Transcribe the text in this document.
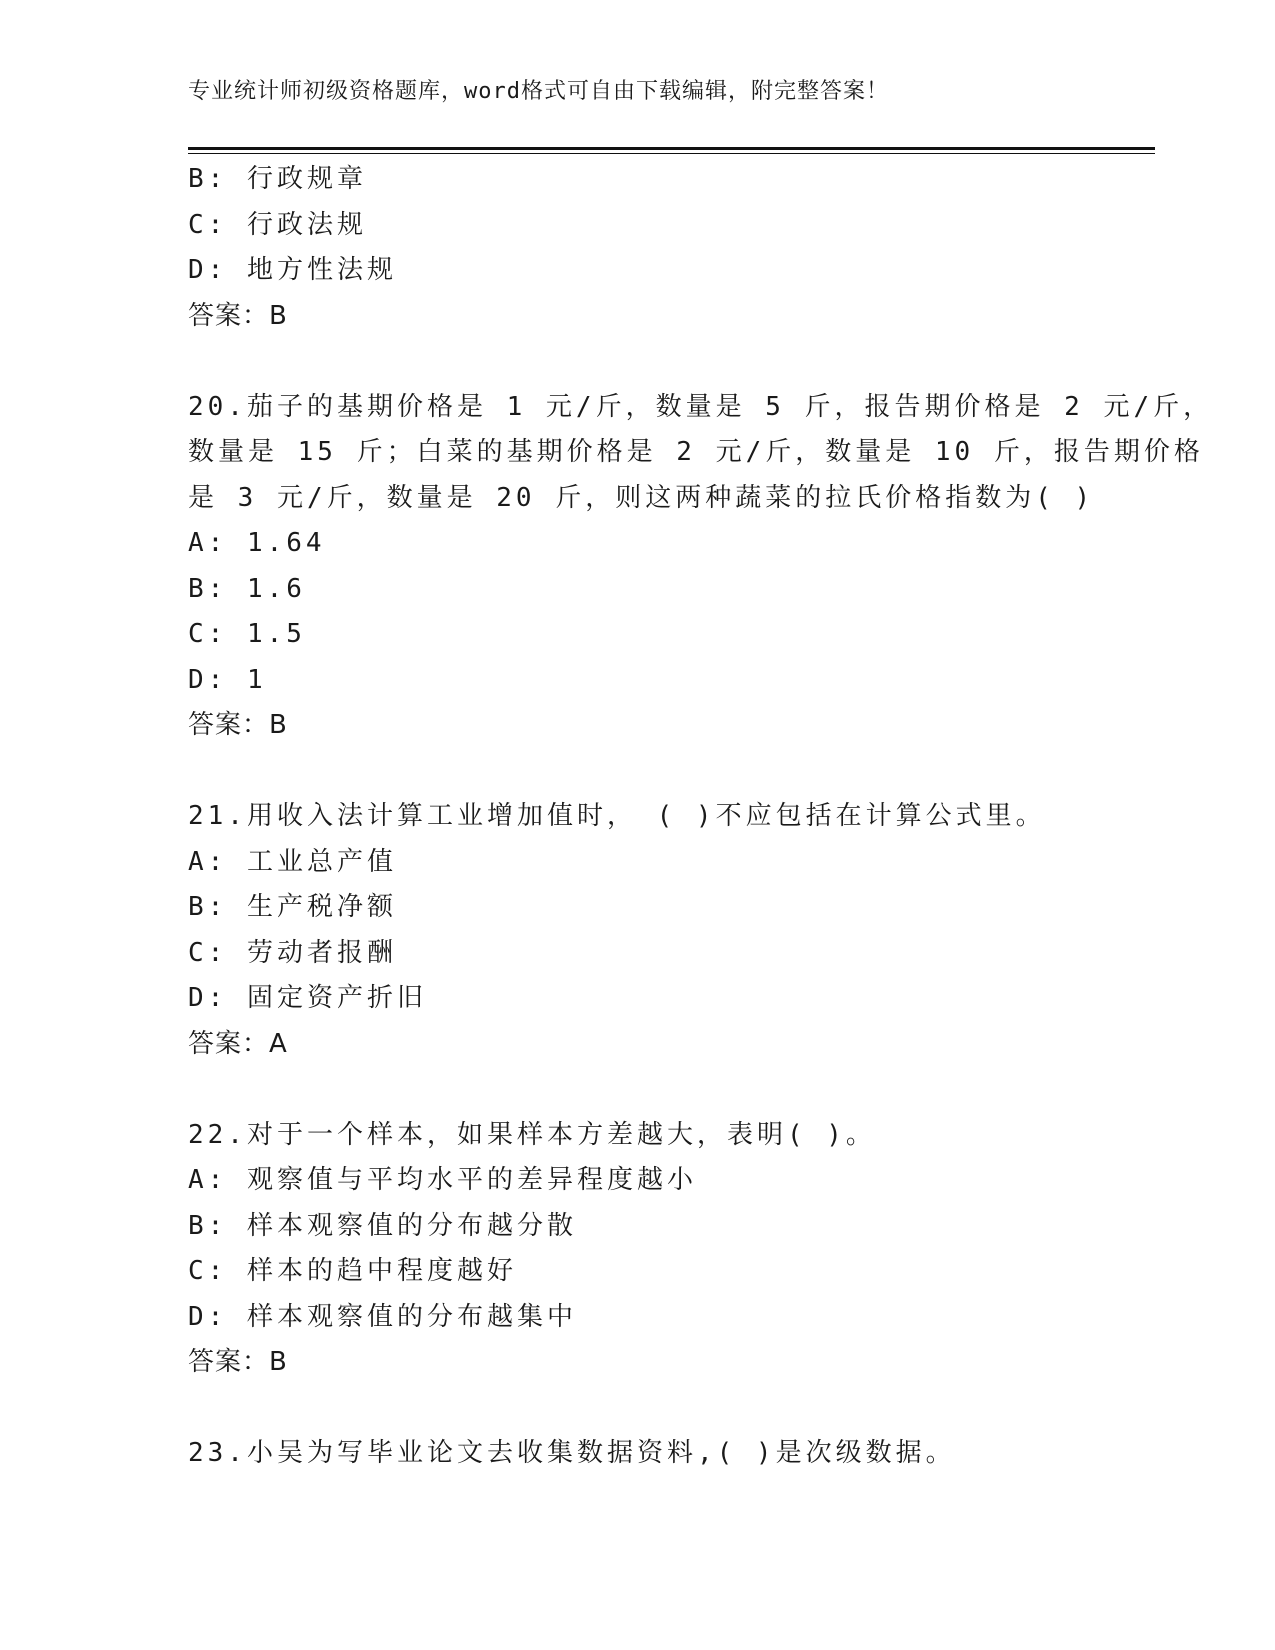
专业统计师初级资格题库，word格式可自由下载编辑，附完整答案！
B: 行政规章
C: 行政法规
D: 地方性法规
答案：B
20.茄子的基期价格是 1 元/斤，数量是 5 斤，报告期价格是 2 元/斤，
数量是 15 斤；白菜的基期价格是 2 元/斤，数量是 10 斤，报告期价格
是 3 元/斤，数量是 20 斤，则这两种蔬菜的拉氏价格指数为( )
A: 1.64
B: 1.6
C: 1.5
D: 1
答案：B
21.用收入法计算工业增加值时， ( )不应包括在计算公式里。
A: 工业总产值
B: 生产税净额
C: 劳动者报酬
D: 固定资产折旧
答案：A
22.对于一个样本，如果样本方差越大，表明( )。
A: 观察值与平均水平的差异程度越小
B: 样本观察值的分布越分散
C: 样本的趋中程度越好
D: 样本观察值的分布越集中
答案：B
23.小吴为写毕业论文去收集数据资料,( )是次级数据。
